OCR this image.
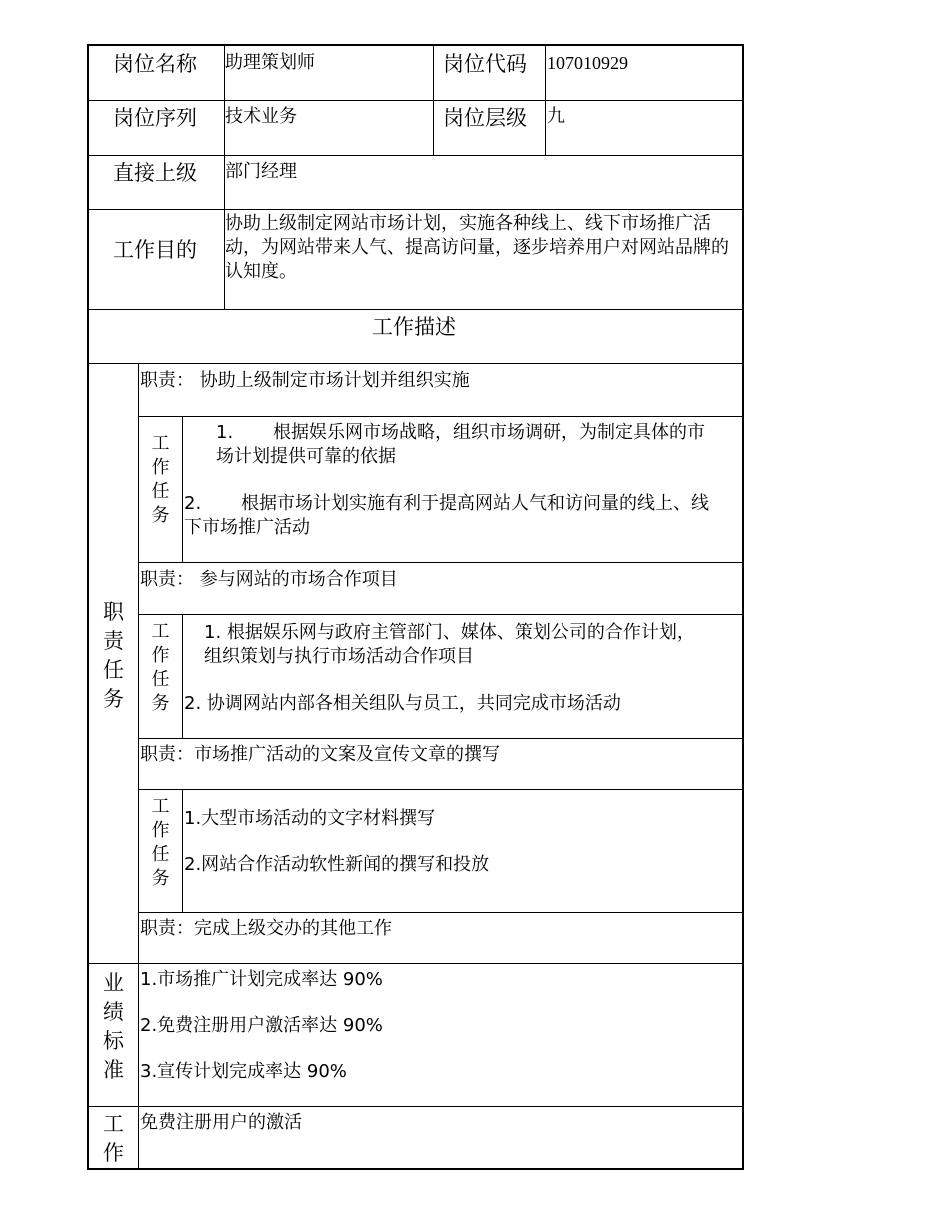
岗位名称 助理策划师	岗位代码 107010929
岗位序列 技术业务	岗位层级 九
直接上级 部门经理
工作目的
协助上级制定网站市场计划，实施各种线上、线下市场推广活动，为网站带来人气、提高访问量，逐步培养用户对网站品牌的认知度。
工作描述
职
责
任
务
职责： 协助上级制定市场计划并组织实施
工
作
任
务
1. 根据娱乐网市场战略，组织市场调研，为制定具体的市
场计划提供可靠的依据
2. 根据市场计划实施有利于提高网站人气和访问量的线上、线
下市场推广活动
职责： 参与网站的市场合作项目
工
作
任
务
1. 根据娱乐网与政府主管部门、媒体、策划公司的合作计划，
组织策划与执行市场活动合作项目
2. 协调网站内部各相关组队与员工，共同完成市场活动
职责：市场推广活动的文案及宣传文章的撰写
工
作
任
务
1.大型市场活动的文字材料撰写
2.网站合作活动软性新闻的撰写和投放
职责：完成上级交办的其他工作
业
绩
标
准
1.市场推广计划完成率达 90%
2.免费注册用户激活率达 90%
3.宣传计划完成率达 90%
工
作
免费注册用户的激活
